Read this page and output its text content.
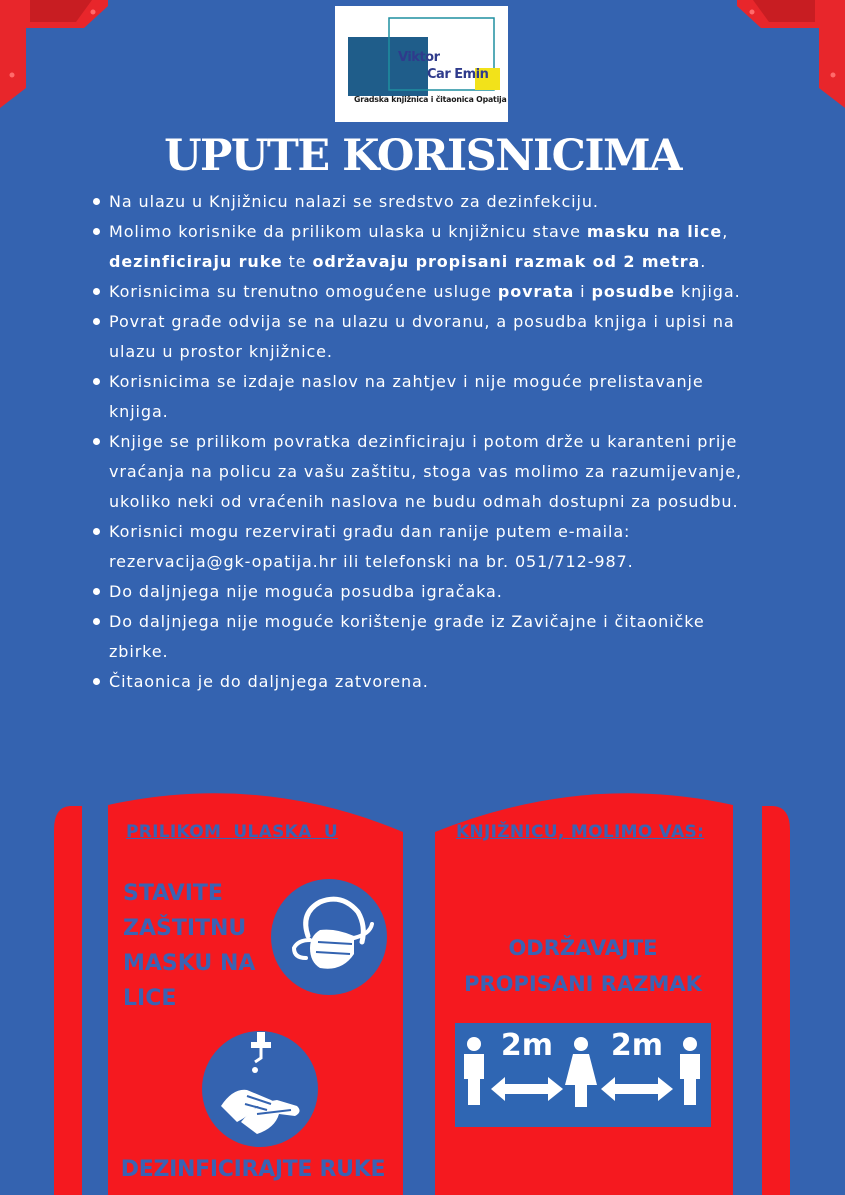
Viktor
Car Emin
Gradska knjižnica i čitaonica Opatija
UPUTE KORISNICIMA
Na ulazu u Knjižnicu nalazi se sredstvo za dezinfekciju.
Molimo korisnike da prilikom ulaska u knjižnicu stave masku na lice, dezinficiraju ruke te održavaju propisani razmak od 2 metra.
Korisnicima su trenutno omogućene usluge povrata i posudbe knjiga.
Povrat građe odvija se na ulazu u dvoranu, a posudba knjiga i upisi na ulazu u prostor knjižnice.
Korisnicima se izdaje naslov na zahtjev i nije moguće prelistavanje knjiga.
Knjige se prilikom povratka dezinficiraju i potom drže u karanteni prije vraćanja na policu za vašu zaštitu, stoga vas molimo za razumijevanje, ukoliko neki od vraćenih naslova ne budu odmah dostupni za posudbu.
Korisnici mogu rezervirati građu dan ranije putem e-maila: rezervacija@gk-opatija.hr ili telefonski na br. 051/712-987.
Do daljnjega nije moguća posudba igračaka.
Do daljnjega nije moguće korištenje građe iz Zavičajne i čitaoničke zbirke.
Čitaonica je do daljnjega zatvorena.
PRILIKOM ULASKA U	KNJIŽNICU, MOLIMO VAS:
STAVITE ZAŠTITNU MASKU NA LICE
ODRŽAVAJTE PROPISANI RAZMAK
DEZINFICIRAJTE RUKE
2m 2m
